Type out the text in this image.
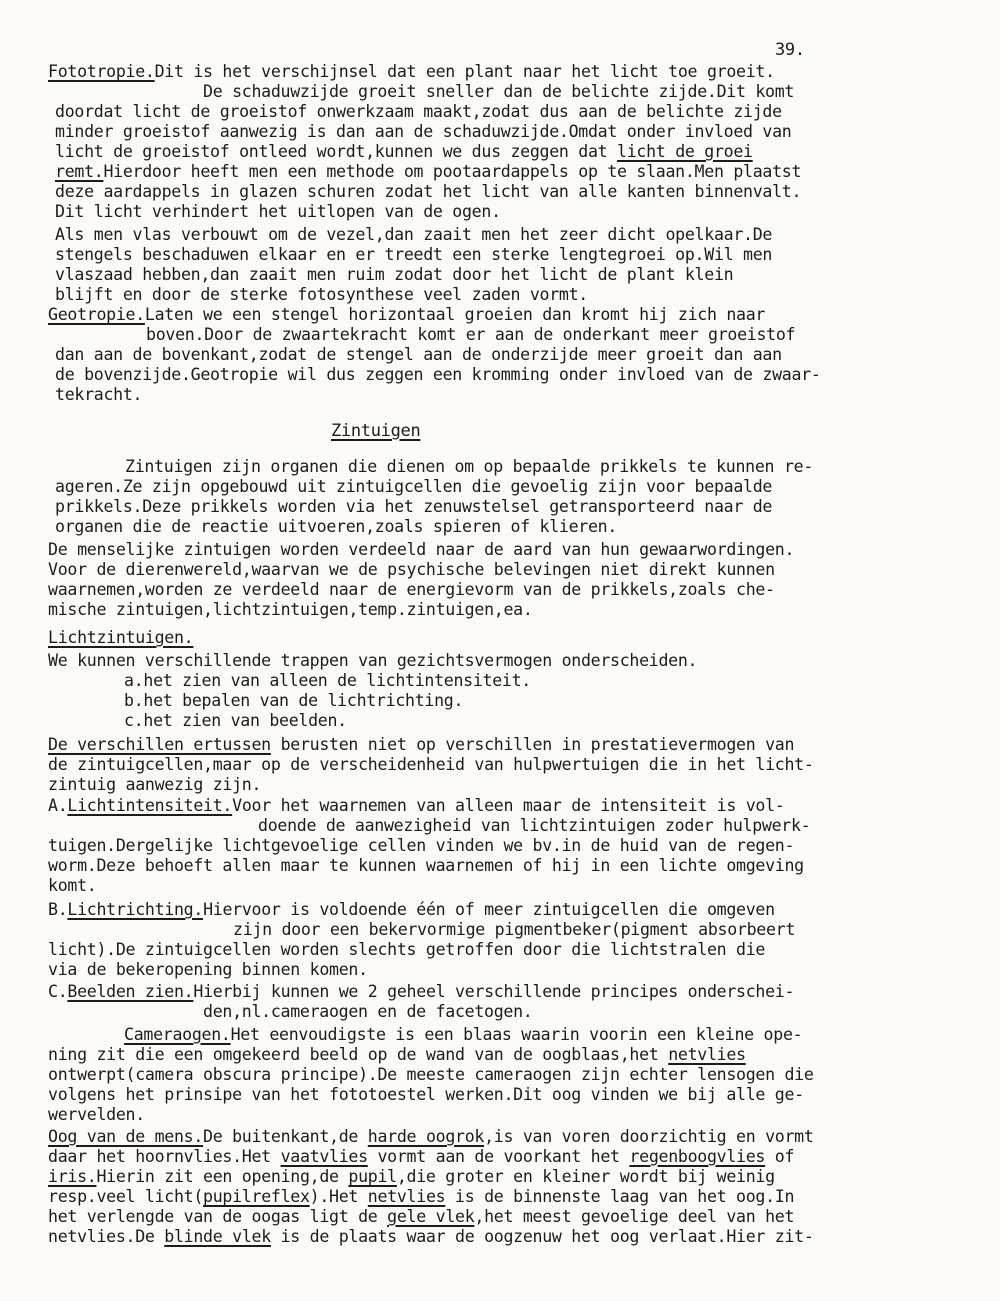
39.
Fototropie.Dit is het verschijnsel dat een plant naar het licht toe groeit.
De schaduwzijde groeit sneller dan de belichte zijde.Dit komt
doordat licht de groeistof onwerkzaam maakt,zodat dus aan de belichte zijde
minder groeistof aanwezig is dan aan de schaduwzijde.Omdat onder invloed van
licht de groeistof ontleed wordt,kunnen we dus zeggen dat licht de groei
remt.Hierdoor heeft men een methode om pootaardappels op te slaan.Men plaatst
deze aardappels in glazen schuren zodat het licht van alle kanten binnenvalt.
Dit licht verhindert het uitlopen van de ogen.
Als men vlas verbouwt om de vezel,dan zaait men het zeer dicht opelkaar.De
stengels beschaduwen elkaar en er treedt een sterke lengtegroei op.Wil men
vlaszaad hebben,dan zaait men ruim zodat door het licht de plant klein
blijft en door de sterke fotosynthese veel zaden vormt.
Geotropie.Laten we een stengel horizontaal groeien dan kromt hij zich naar
boven.Door de zwaartekracht komt er aan de onderkant meer groeistof
dan aan de bovenkant,zodat de stengel aan de onderzijde meer groeit dan aan
de bovenzijde.Geotropie wil dus zeggen een kromming onder invloed van de zwaar-
tekracht.
Zintuigen
Zintuigen zijn organen die dienen om op bepaalde prikkels te kunnen re-
ageren.Ze zijn opgebouwd uit zintuigcellen die gevoelig zijn voor bepaalde
prikkels.Deze prikkels worden via het zenuwstelsel getransporteerd naar de
organen die de reactie uitvoeren,zoals spieren of klieren.
De menselijke zintuigen worden verdeeld naar de aard van hun gewaarwordingen.
Voor de dierenwereld,waarvan we de psychische belevingen niet direkt kunnen
waarnemen,worden ze verdeeld naar de energievorm van de prikkels,zoals che-
mische zintuigen,lichtzintuigen,temp.zintuigen,ea.
Lichtzintuigen.
We kunnen verschillende trappen van gezichtsvermogen onderscheiden.
a.het zien van alleen de lichtintensiteit.
b.het bepalen van de lichtrichting.
c.het zien van beelden.
De verschillen ertussen berusten niet op verschillen in prestatievermogen van
de zintuigcellen,maar op de verscheidenheid van hulpwertuigen die in het licht-
zintuig aanwezig zijn.
A.Lichtintensiteit.Voor het waarnemen van alleen maar de intensiteit is vol-
doende de aanwezigheid van lichtzintuigen zoder hulpwerk-
tuigen.Dergelijke lichtgevoelige cellen vinden we bv.in de huid van de regen-
worm.Deze behoeft allen maar te kunnen waarnemen of hij in een lichte omgeving
komt.
B.Lichtrichting.Hiervoor is voldoende één of meer zintuigcellen die omgeven
zijn door een bekervormige pigmentbeker(pigment absorbeert
licht).De zintuigcellen worden slechts getroffen door die lichtstralen die
via de bekeropening binnen komen.
C.Beelden zien.Hierbij kunnen we 2 geheel verschillende principes onderschei-
den,nl.cameraogen en de facetogen.
Cameraogen.Het eenvoudigste is een blaas waarin voorin een kleine ope-
ning zit die een omgekeerd beeld op de wand van de oogblaas,het netvlies
ontwerpt(camera obscura principe).De meeste cameraogen zijn echter lensogen die
volgens het prinsipe van het fototoestel werken.Dit oog vinden we bij alle ge-
wervelden.
Oog van de mens.De buitenkant,de harde oogrok,is van voren doorzichtig en vormt
daar het hoornvlies.Het vaatvlies vormt aan de voorkant het regenboogvlies of
iris.Hierin zit een opening,de pupil,die groter en kleiner wordt bij weinig
resp.veel licht(pupilreflex).Het netvlies is de binnenste laag van het oog.In
het verlengde van de oogas ligt de gele vlek,het meest gevoelige deel van het
netvlies.De blinde vlek is de plaats waar de oogzenuw het oog verlaat.Hier zit-
